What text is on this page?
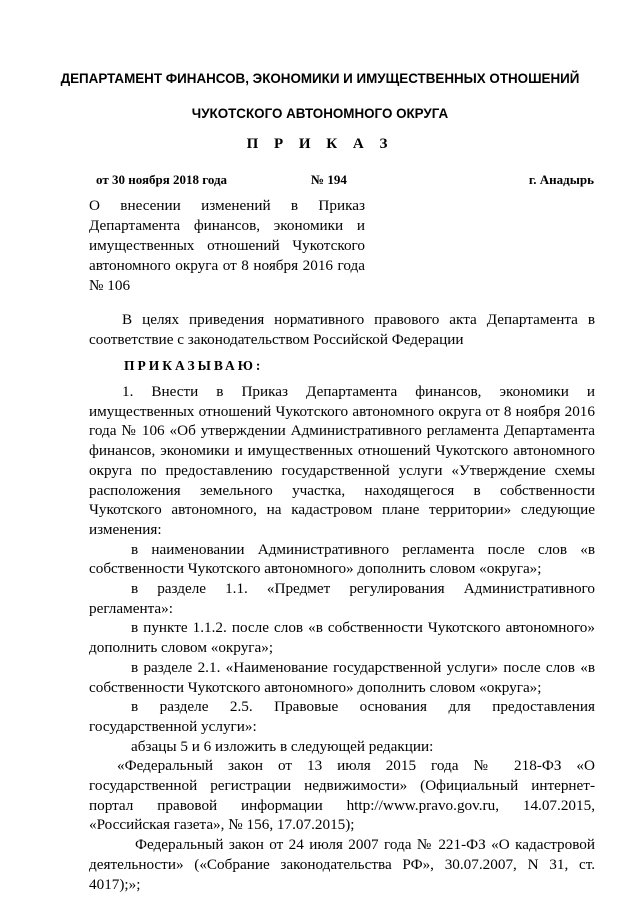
ДЕПАРТАМЕНТ ФИНАНСОВ, ЭКОНОМИКИ И ИМУЩЕСТВЕННЫХ ОТНОШЕНИЙ
ЧУКОТСКОГО АВТОНОМНОГО ОКРУГА
П Р И К А З
от 30 ноября 2018 года	№ 194	г. Анадырь
О внесении изменений в Приказ
Департамента финансов, экономики и
имущественных отношений Чукотского
автономного округа от 8 ноября 2016 года
№ 106
В целях приведения нормативного правового акта Департамента в
соответствие с законодательством Российской Федерации
ПРИКАЗЫВАЮ:
1. Внести в Приказ Департамента финансов, экономики и
имущественных отношений Чукотского автономного округа от 8 ноября 2016
года № 106 «Об утверждении Административного регламента Департамента
финансов, экономики и имущественных отношений Чукотского автономного
округа по предоставлению государственной услуги «Утверждение схемы
расположения земельного участка, находящегося в собственности
Чукотского автономного, на кадастровом плане территории» следующие
изменения:
в наименовании Административного регламента после слов «в
собственности Чукотского автономного» дополнить словом «округа»;
в разделе 1.1. «Предмет регулирования Административного
регламента»:
в пункте 1.1.2. после слов «в собственности Чукотского автономного»
дополнить словом «округа»;
в разделе 2.1. «Наименование государственной услуги» после слов «в
собственности Чукотского автономного» дополнить словом «округа»;
в разделе 2.5. Правовые основания для предоставления
государственной услуги»:
абзацы 5 и 6 изложить в следующей редакции:
«Федеральный закон от 13 июля 2015 года № 218-ФЗ «О
государственной регистрации недвижимости» (Официальный интернет-
портал правовой информации http://www.pravo.gov.ru, 14.07.2015,
«Российская газета», № 156, 17.07.2015);
Федеральный закон от 24 июля 2007 года № 221-ФЗ «О кадастровой
деятельности» («Собрание законодательства РФ», 30.07.2007, N 31, ст.
4017);»;
